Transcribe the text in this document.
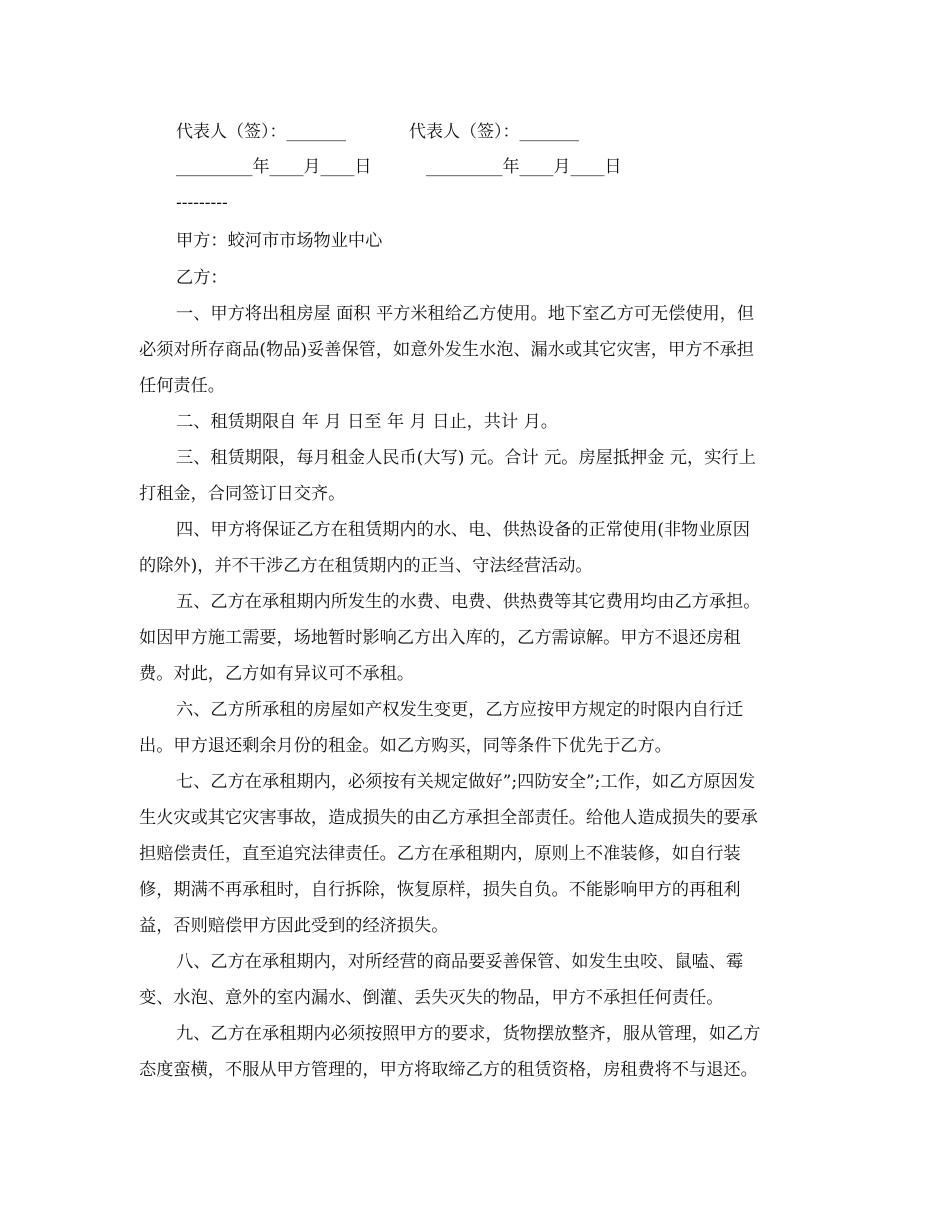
代表人（签）：_______	代表人（签）：_______
_________年____月____日	_________年____月____日
---------
甲方：蛟河市市场物业中心
乙方：
一、甲方将出租房屋 面积 平方米租给乙方使用。地下室乙方可无偿使用，但
必须对所存商品(物品)妥善保管，如意外发生水泡、漏水或其它灾害，甲方不承担
任何责任。
二、租赁期限自 年 月 日至 年 月 日止，共计 月。
三、租赁期限，每月租金人民币(大写) 元。合计 元。房屋抵押金 元，实行上
打租金，合同签订日交齐。
四、甲方将保证乙方在租赁期内的水、电、供热设备的正常使用(非物业原因
的除外)，并不干涉乙方在租赁期内的正当、守法经营活动。
五、乙方在承租期内所发生的水费、电费、供热费等其它费用均由乙方承担。
如因甲方施工需要，场地暂时影响乙方出入库的，乙方需谅解。甲方不退还房租
费。对此，乙方如有异议可不承租。
六、乙方所承租的房屋如产权发生变更，乙方应按甲方规定的时限内自行迁
出。甲方退还剩余月份的租金。如乙方购买，同等条件下优先于乙方。
七、乙方在承租期内，必须按有关规定做好”;四防安全”;工作，如乙方原因发
生火灾或其它灾害事故，造成损失的由乙方承担全部责任。给他人造成损失的要承
担赔偿责任，直至追究法律责任。乙方在承租期内，原则上不准装修，如自行装
修，期满不再承租时，自行拆除，恢复原样，损失自负。不能影响甲方的再租利
益，否则赔偿甲方因此受到的经济损失。
八、乙方在承租期内，对所经营的商品要妥善保管、如发生虫咬、鼠嗑、霉
变、水泡、意外的室内漏水、倒灌、丢失灭失的物品，甲方不承担任何责任。
九、乙方在承租期内必须按照甲方的要求，货物摆放整齐，服从管理，如乙方
态度蛮横，不服从甲方管理的，甲方将取缔乙方的租赁资格，房租费将不与退还。
